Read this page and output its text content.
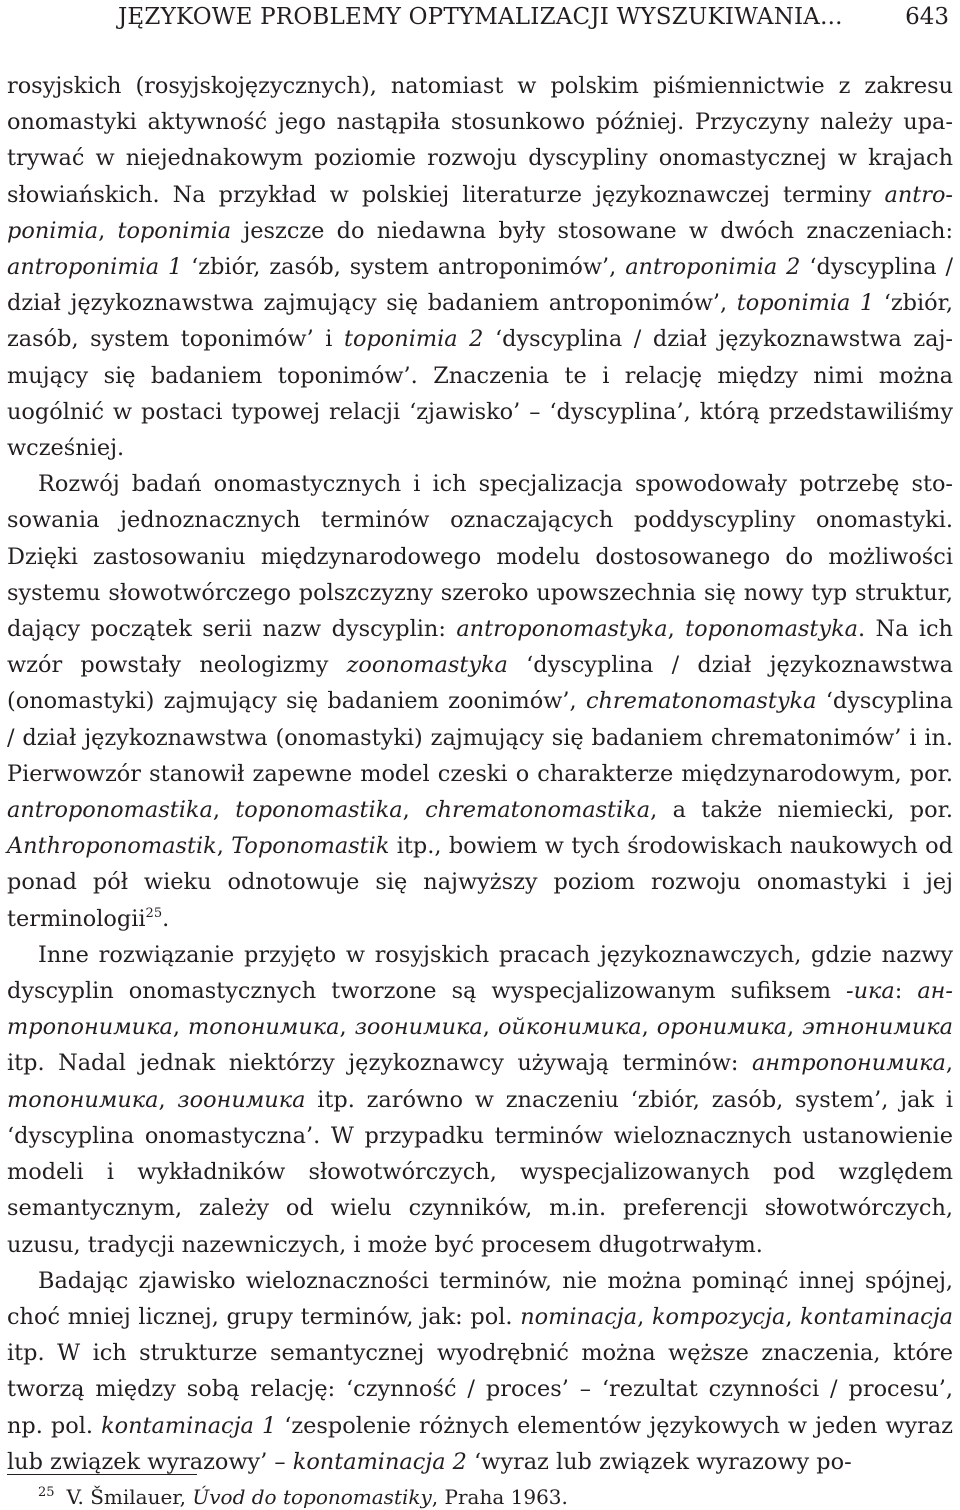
JĘZYKOWE PROBLEMY OPTYMALIZACJI WYSZUKIWANIA...	643

rosyjskich (rosyjskojęzycznych), natomiast w polskim piśmiennictwie z zakresu onomastyki aktywność jego nastąpiła stosunkowo później. Przyczyny należy upatrywać w niejednakowym poziomie rozwoju dyscypliny onomastycznej w krajach słowiańskich. Na przykład w polskiej literaturze językoznawczej terminy antroponimia, toponimia jeszcze do niedawna były stosowane w dwóch znaczeniach: antroponimia 1 ‘zbiór, zasób, system antroponimów’, antroponimia 2 ‘dyscyplina / dział językoznawstwa zajmujący się badaniem antroponimów’, toponimia 1 ‘zbiór, zasób, system toponimów’ i toponimia 2 ‘dyscyplina / dział językoznawstwa zajmujący się badaniem toponimów’. Znaczenia te i relację między nimi można uogólnić w postaci typowej relacji ‘zjawisko’ – ‘dyscyplina’, którą przedstawiliśmy wcześniej.

Rozwój badań onomastycznych i ich specjalizacja spowodowały potrzebę stosowania jednoznacznych terminów oznaczających poddyscypliny onomastyki. Dzięki zastosowaniu międzynarodowego modelu dostosowanego do możliwości systemu słowotwórczego polszczyzny szeroko upowszechnia się nowy typ struktur, dający początek serii nazw dyscyplin: antroponomastyka, toponomastyka. Na ich wzór powstały neologizmy zoonomastyka ‘dyscyplina / dział językoznawstwa (onomastyki) zajmujący się badaniem zoonimów’, chrematonomastyka ‘dyscyplina / dział językoznawstwa (onomastyki) zajmujący się badaniem chrematonimów’ i in. Pierwowzór stanowił zapewne model czeski o charakterze międzynarodowym, por. antroponomastika, toponomastika, chrematonomastika, a także niemiecki, por. Anthroponomastik, Toponomastik itp., bowiem w tych środowiskach naukowych od ponad pół wieku odnotowuje się najwyższy poziom rozwoju onomastyki i jej terminologii$^{25}$.

Inne rozwiązanie przyjęto w rosyjskich pracach językoznawczych, gdzie nazwy dyscyplin onomastycznych tworzone są wyspecjalizowanym sufiksem -ика: антропонимика, топонимика, зоонимика, ойконимика, оронимика, этнонимика itp. Nadal jednak niektórzy językoznawcy używają terminów: антропонимика, топонимика, зоонимика itp. zarówno w znaczeniu ‘zbiór, zasób, system’, jak i ‘dyscyplina onomastyczna’. W przypadku terminów wieloznacznych ustanowienie modeli i wykładników słowotwórczych, wyspecjalizowanych pod względem semantycznym, zależy od wielu czynników, m.in. preferencji słowotwórczych, uzusu, tradycji nazewniczych, i może być procesem długotrwałym.

Badając zjawisko wieloznaczności terminów, nie można pominąć innej spójnej, choć mniej licznej, grupy terminów, jak: pol. nominacja, kompozycja, kontaminacja itp. W ich strukturze semantycznej wyodrębnić można węższe znaczenia, które tworzą między sobą relację: ‘czynność / proces’ – ‘rezultat czynności / procesu’, np. pol. kontaminacja 1 ‘zespolenie różnych elementów językowych w jeden wyraz lub związek wyrazowy’ – kontaminacja 2 ‘wyraz lub związek wyrazowy po-

$^{25}$ V. Šmilauer, Úvod do toponomastiky, Praha 1963.
